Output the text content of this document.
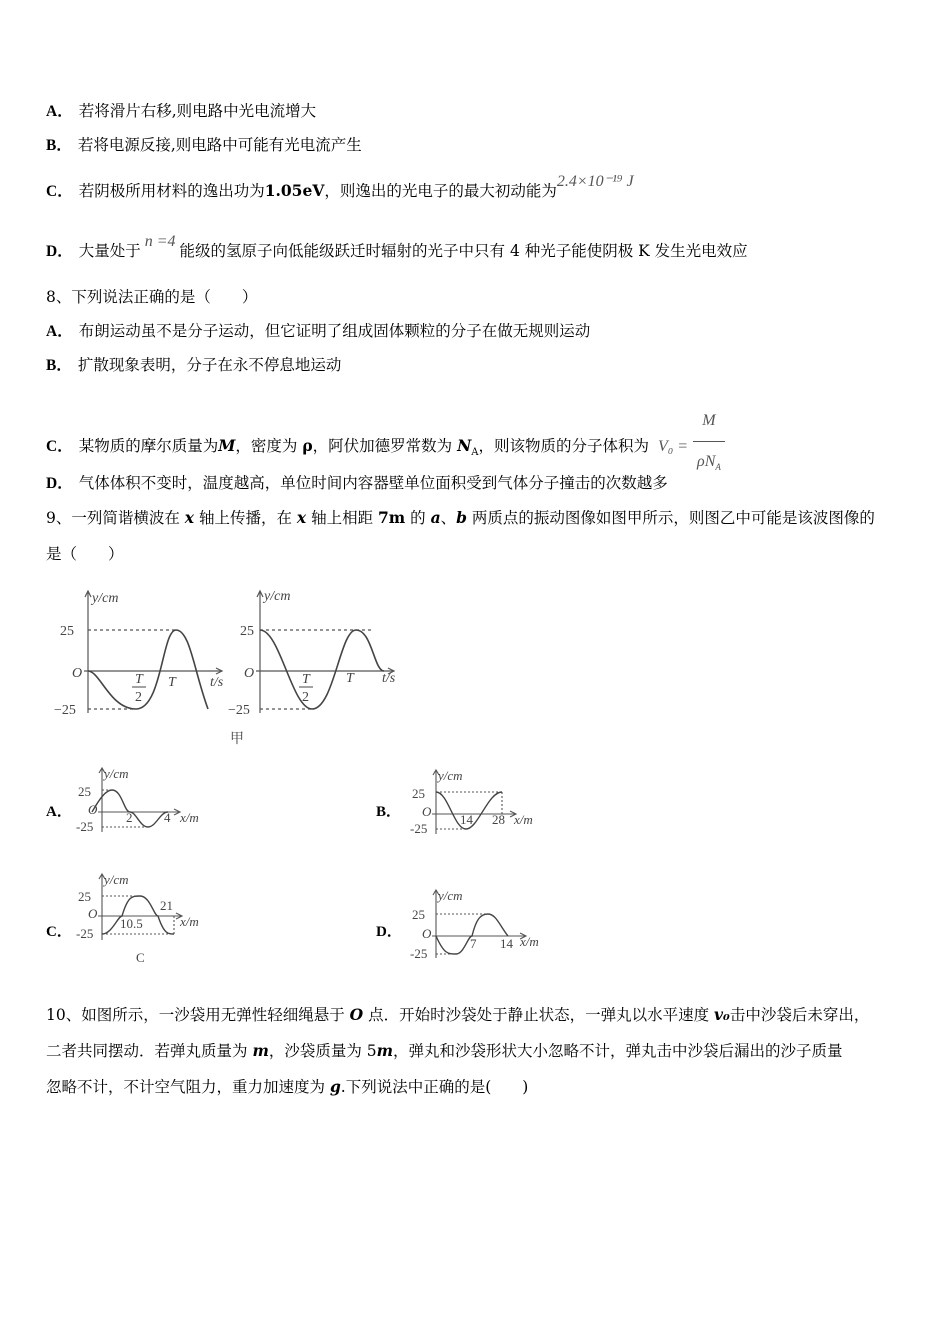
A． 若将滑片右移,则电路中光电流增大
B． 若将电源反接,则电路中可能有光电流产生
C． 若阴极所用材料的逸出功为1.05eV，则逸出的光电子的最大初动能为2.4×10⁻¹⁹ J
D． 大量处于n =4能级的氢原子向低能级跃迁时辐射的光子中只有 4 种光子能使阴极 K 发生光电效应
8、下列说法正确的是（　　）
A． 布朗运动虽不是分子运动，但它证明了组成固体颗粒的分子在做无规则运动
B． 扩散现象表明，分子在永不停息地运动
C． 某物质的摩尔质量为M，密度为 ρ，阿伏加德罗常数为 $N_A$，则该物质的分子体积为 $V_0 = \frac{M}{\rho N_A}$
D． 气体体积不变时，温度越高，单位时间内容器壁单位面积受到气体分子撞击的次数越多
9、一列简谐横波在 x 轴上传播，在 x 轴上相距 7m 的 a、b 两质点的振动图像如图甲所示，则图乙中可能是该波图像的
是（　　）
y/cm
25
−25
O	T
2
T t/s
y/cm
25
−25
O	T
2
T t/s
甲
A．
y/cm
25
-25
O
2 4 x/m	B．
y/cm
25
-25
O
14 28 x/m
C．
y/cm
25
-25
O
10.5
21
x/m
C
D．
y/cm
25
-25
O
7 14 x/m
10、如图所示，一沙袋用无弹性轻细绳悬于 O 点．开始时沙袋处于静止状态，一弹丸以水平速度 v₀击中沙袋后未穿出，
二者共同摆动．若弹丸质量为 m，沙袋质量为 5m，弹丸和沙袋形状大小忽略不计，弹丸击中沙袋后漏出的沙子质量
忽略不计，不计空气阻力，重力加速度为 g.下列说法中正确的是(　　)
